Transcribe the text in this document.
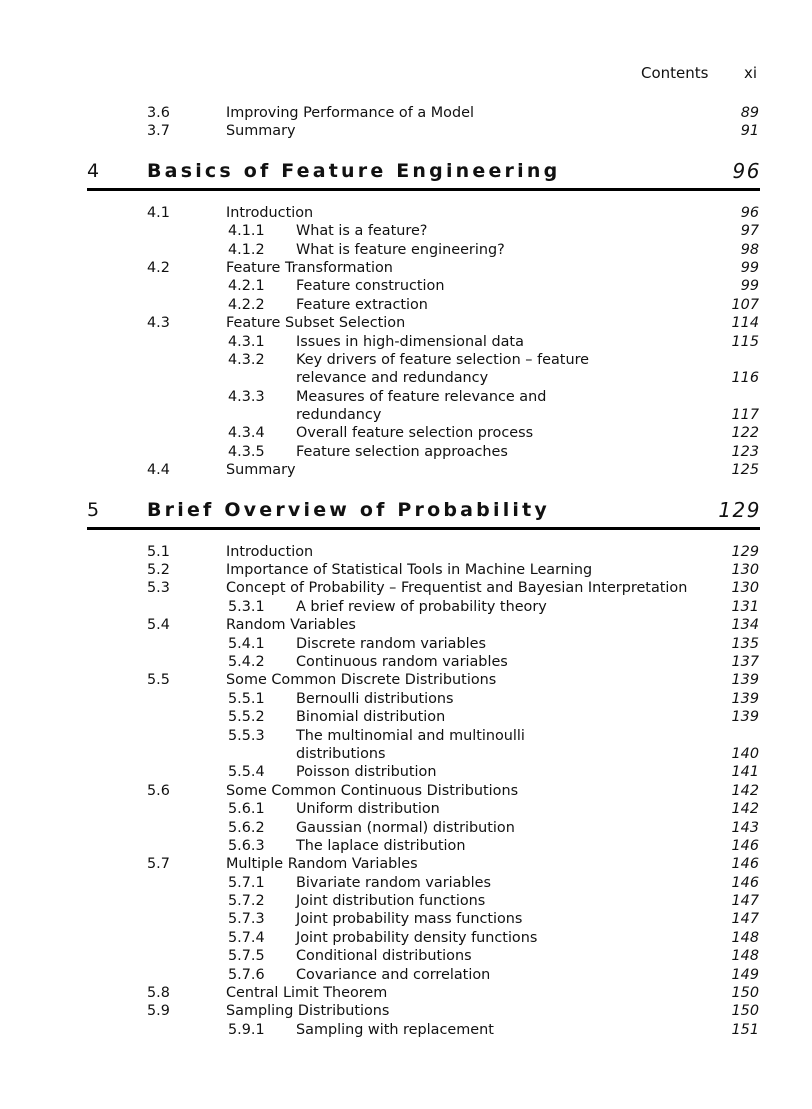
Contents xi
3.6	Improving Performance of a Model	89
3.7	Summary	91
4	Basics of Feature Engineering	96
4.1	Introduction	96
4.1.1 What is a feature?	97
4.1.2 What is feature engineering?	98
4.2	Feature Transformation	99
4.2.1 Feature construction	99
4.2.2 Feature extraction	107
4.3	Feature Subset Selection	114
4.3.1 Issues in high-dimensional data	115
4.3.2 Key drivers of feature selection – feature
relevance and redundancy	116
4.3.3 Measures of feature relevance and
redundancy	117
4.3.4 Overall feature selection process	122
4.3.5 Feature selection approaches	123
4.4	Summary	125
5	Brief Overview of Probability	129
5.1	Introduction	129
5.2	Importance of Statistical Tools in Machine Learning	130
5.3	Concept of Probability – Frequentist and Bayesian Interpretation	130
5.3.1 A brief review of probability theory	131
5.4	Random Variables	134
5.4.1 Discrete random variables	135
5.4.2 Continuous random variables	137
5.5	Some Common Discrete Distributions	139
5.5.1 Bernoulli distributions	139
5.5.2 Binomial distribution	139
5.5.3 The multinomial and multinoulli
distributions	140
5.5.4 Poisson distribution	141
5.6	Some Common Continuous Distributions	142
5.6.1 Uniform distribution	142
5.6.2 Gaussian (normal) distribution	143
5.6.3 The laplace distribution	146
5.7	Multiple Random Variables	146
5.7.1 Bivariate random variables	146
5.7.2 Joint distribution functions	147
5.7.3 Joint probability mass functions	147
5.7.4 Joint probability density functions	148
5.7.5 Conditional distributions	148
5.7.6 Covariance and correlation	149
5.8	Central Limit Theorem	150
5.9	Sampling Distributions	150
5.9.1 Sampling with replacement	151
